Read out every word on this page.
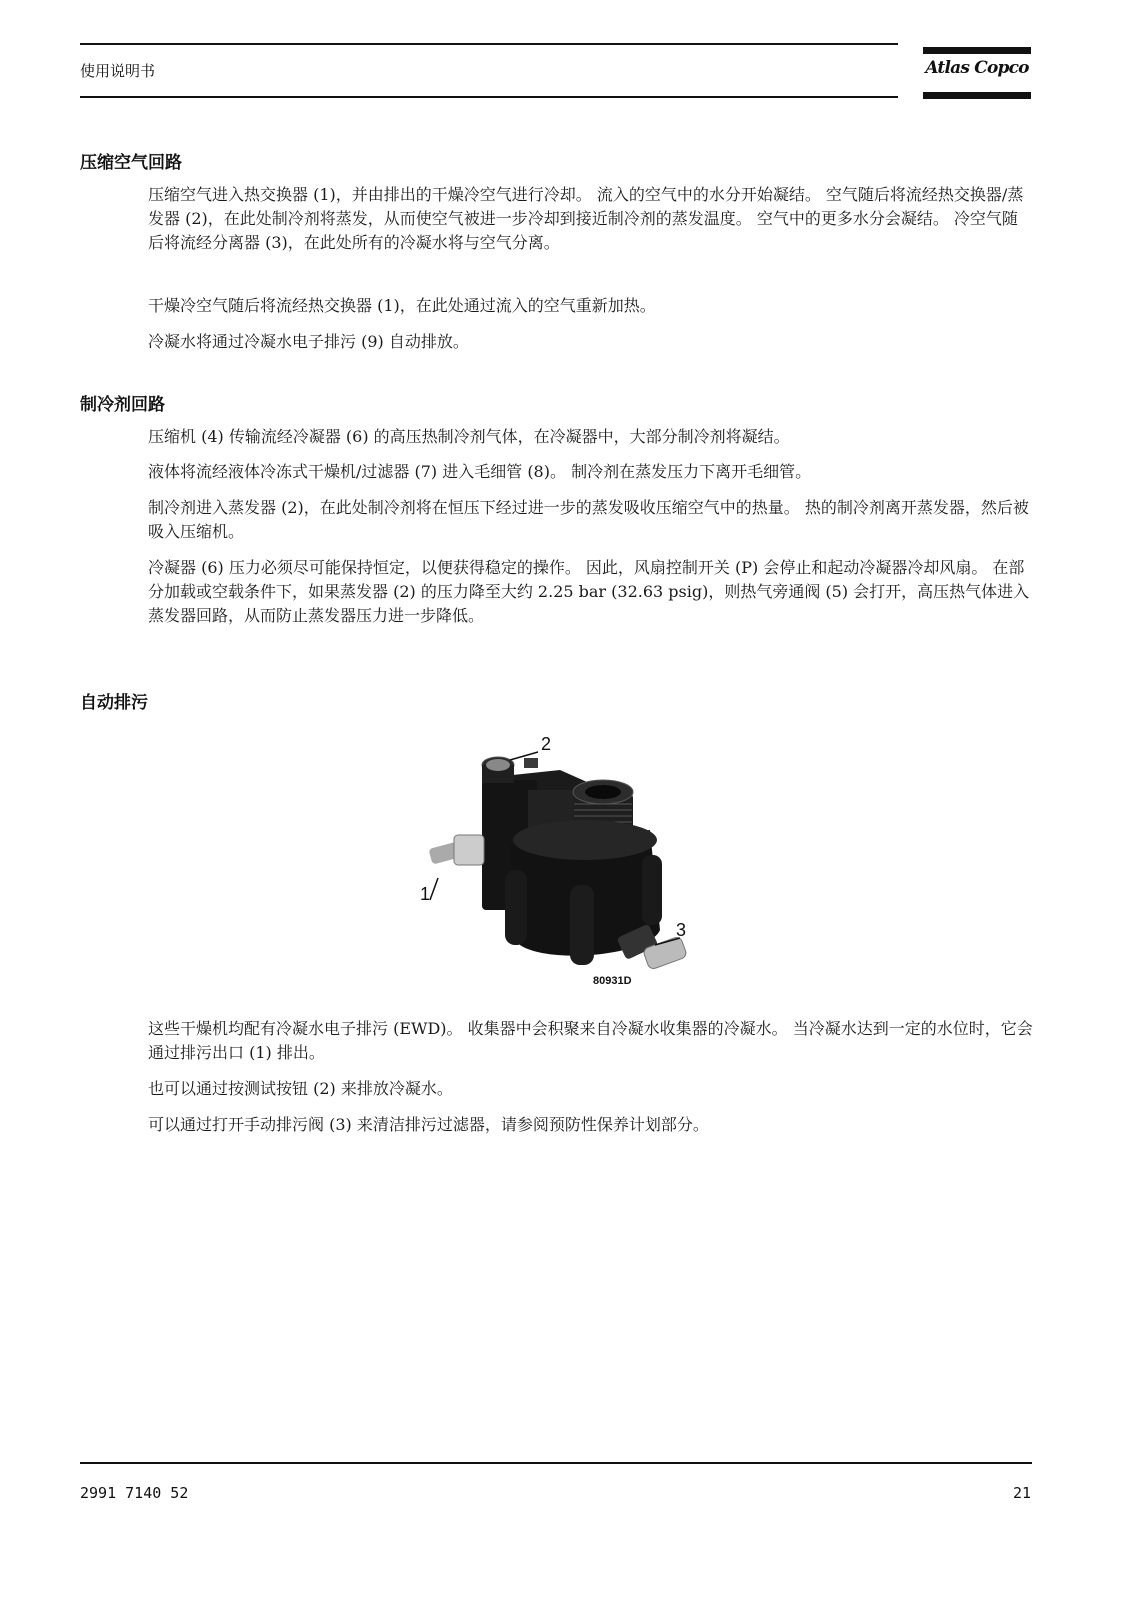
使用说明书	Atlas Copco
压缩空气回路
压缩空气进入热交换器 (1)，并由排出的干燥冷空气进行冷却。 流入的空气中的水分开始凝结。 空气随后将流经热交换器/蒸发器 (2)，在此处制冷剂将蒸发，从而使空气被进一步冷却到接近制冷剂的蒸发温度。 空气中的更多水分会凝结。 冷空气随后将流经分离器 (3)，在此处所有的冷凝水将与空气分离。
干燥冷空气随后将流经热交换器 (1)，在此处通过流入的空气重新加热。
冷凝水将通过冷凝水电子排污 (9) 自动排放。
制冷剂回路
压缩机 (4) 传输流经冷凝器 (6) 的高压热制冷剂气体，在冷凝器中，大部分制冷剂将凝结。
液体将流经液体冷冻式干燥机/过滤器 (7) 进入毛细管 (8)。 制冷剂在蒸发压力下离开毛细管。
制冷剂进入蒸发器 (2)，在此处制冷剂将在恒压下经过进一步的蒸发吸收压缩空气中的热量。 热的制冷剂离开蒸发器，然后被吸入压缩机。
冷凝器 (6) 压力必须尽可能保持恒定，以便获得稳定的操作。 因此，风扇控制开关 (P) 会停止和起动冷凝器冷却风扇。 在部分加载或空载条件下，如果蒸发器 (2) 的压力降至大约 2.25 bar (32.63 psig)，则热气旁通阀 (5) 会打开，高压热气体进入蒸发器回路，从而防止蒸发器压力进一步降低。
自动排污
2
1
3
80931D
这些干燥机均配有冷凝水电子排污 (EWD)。 收集器中会积聚来自冷凝水收集器的冷凝水。 当冷凝水达到一定的水位时，它会通过排污出口 (1) 排出。
也可以通过按测试按钮 (2) 来排放冷凝水。
可以通过打开手动排污阀 (3) 来清洁排污过滤器，请参阅预防性保养计划部分。
2991 7140 52	21
